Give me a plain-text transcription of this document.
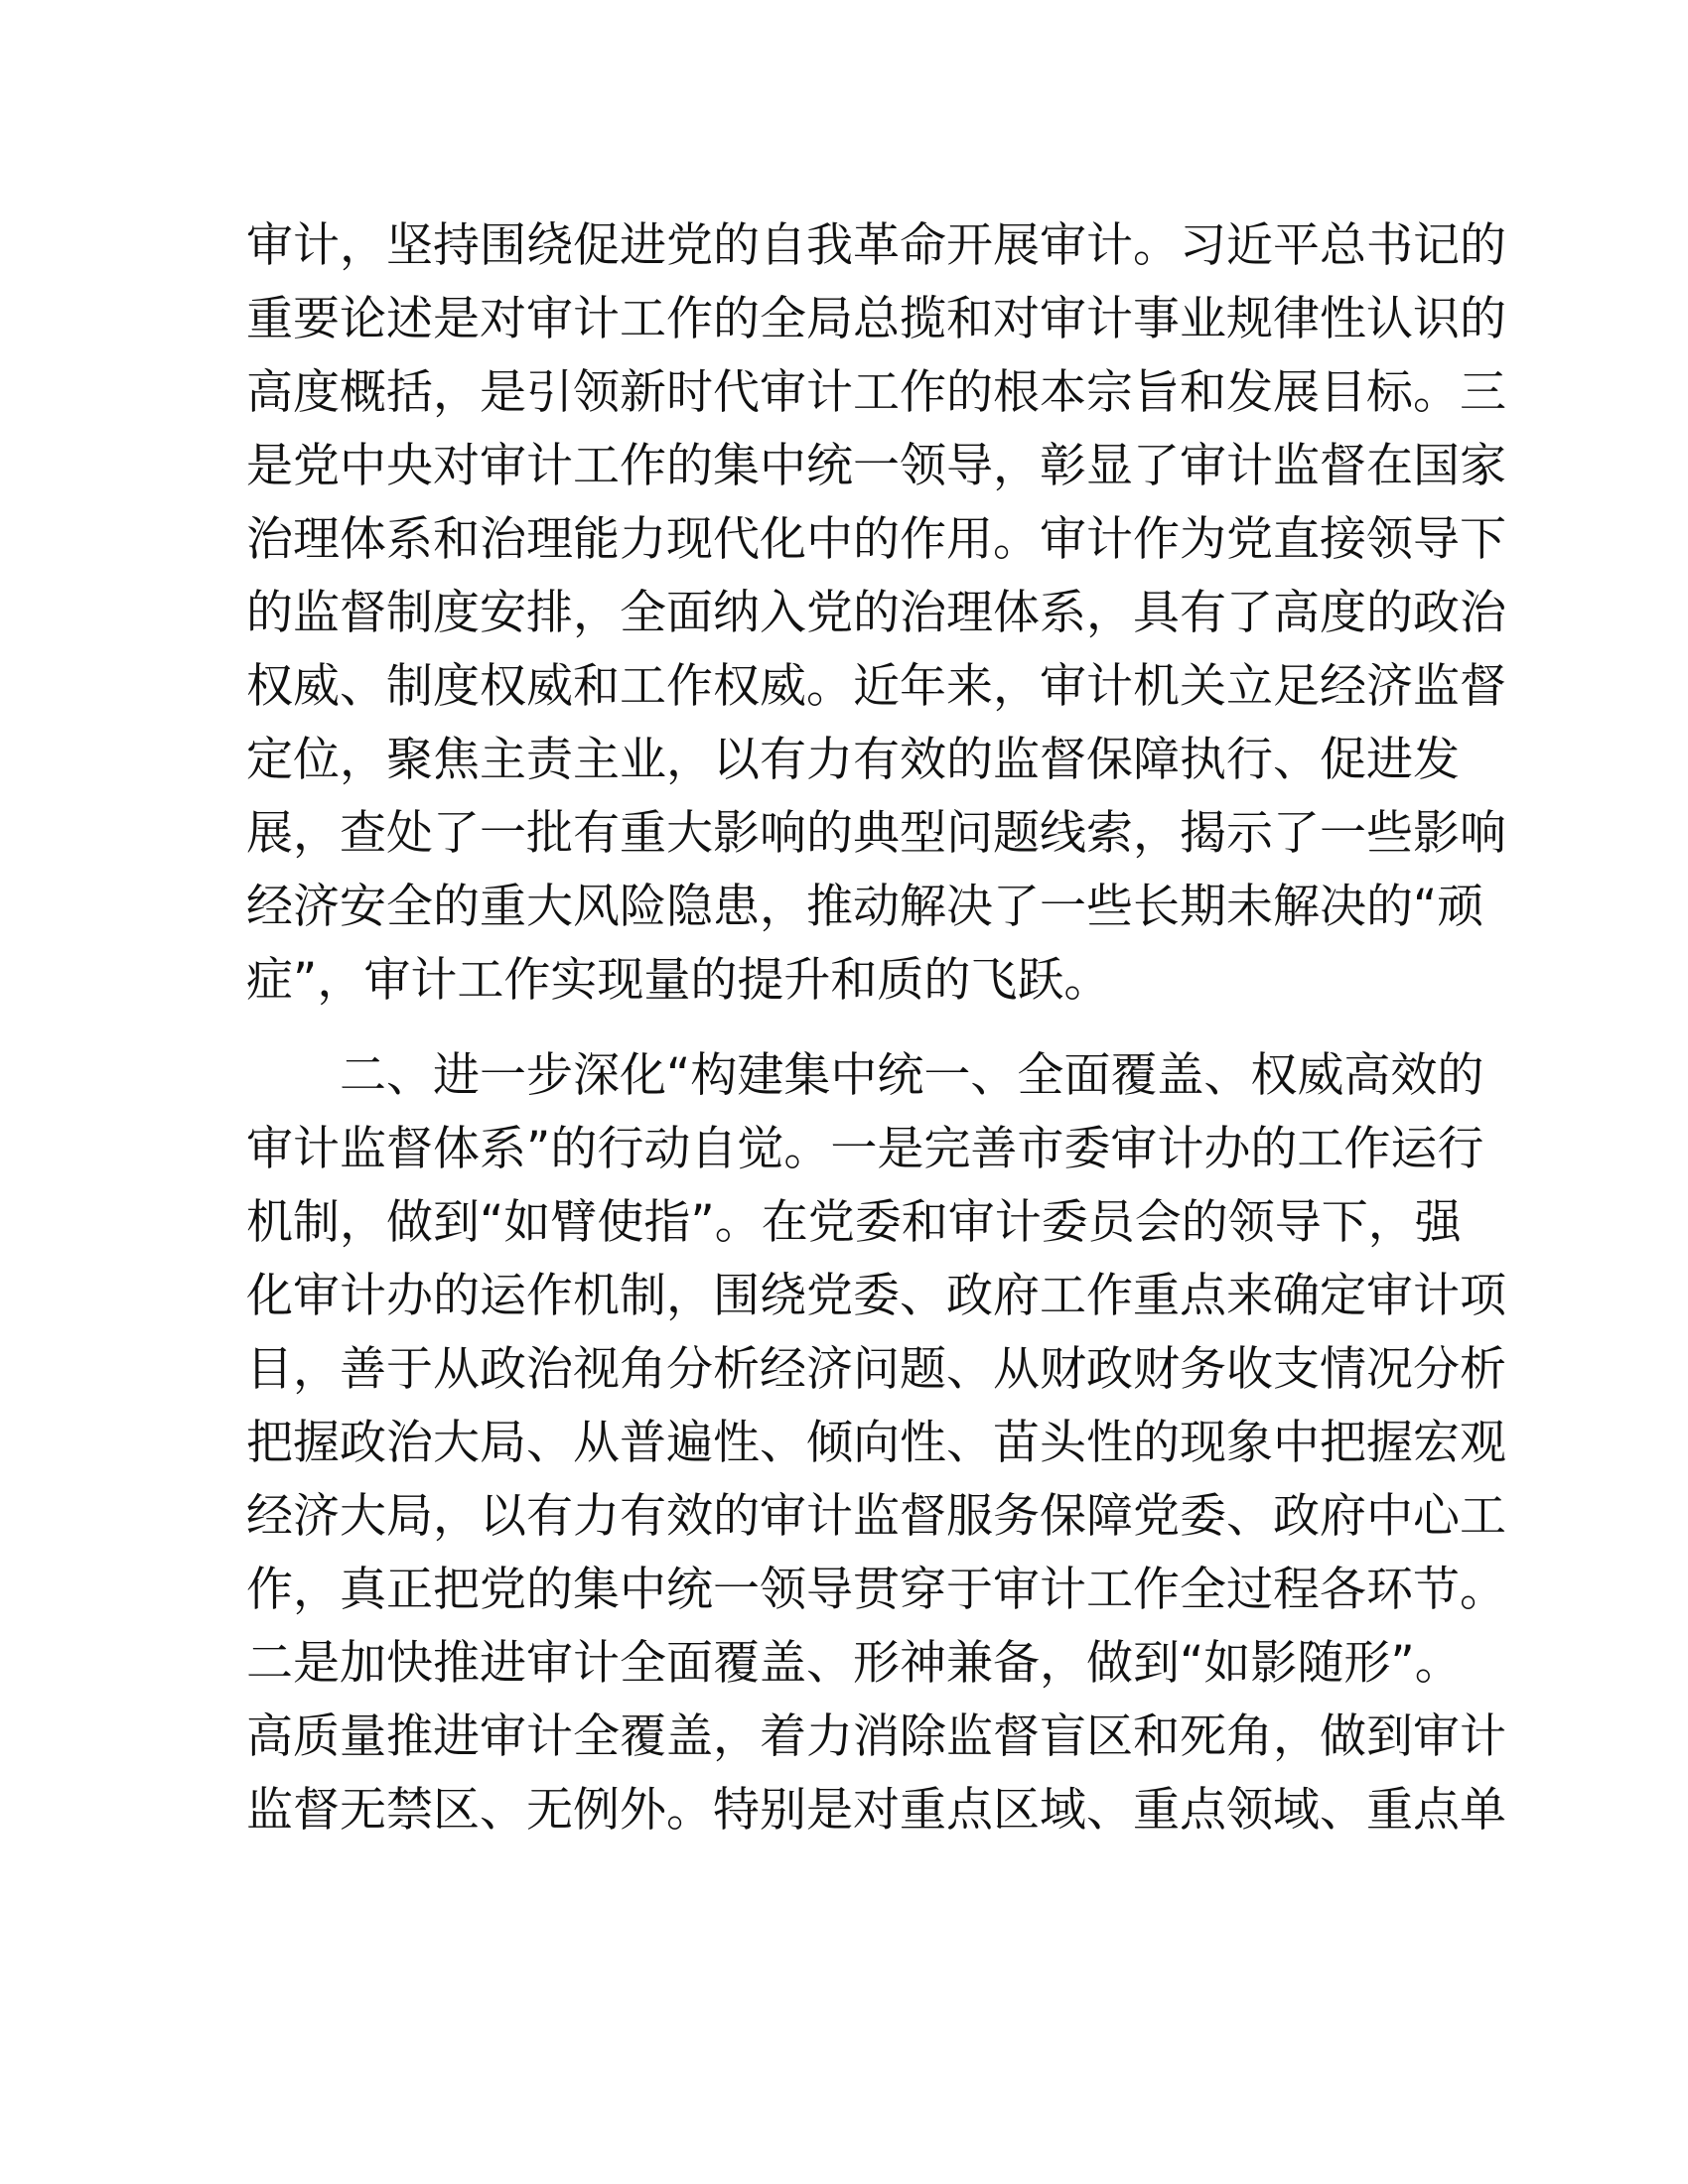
审计，坚持围绕促进党的自我革命开展审计。习近平总书记的
重要论述是对审计工作的全局总揽和对审计事业规律性认识的
高度概括，是引领新时代审计工作的根本宗旨和发展目标。三
是党中央对审计工作的集中统一领导，彰显了审计监督在国家
治理体系和治理能力现代化中的作用。审计作为党直接领导下
的监督制度安排，全面纳入党的治理体系，具有了高度的政治
权威、制度权威和工作权威。近年来，审计机关立足经济监督
定位，聚焦主责主业，以有力有效的监督保障执行、促进发
展，查处了一批有重大影响的典型问题线索，揭示了一些影响
经济安全的重大风险隐患，推动解决了一些长期未解决的“顽
症”，审计工作实现量的提升和质的飞跃。
二、进一步深化“构建集中统一、全面覆盖、权威高效的
审计监督体系”的行动自觉。一是完善市委审计办的工作运行
机制，做到“如臂使指”。在党委和审计委员会的领导下，强
化审计办的运作机制，围绕党委、政府工作重点来确定审计项
目，善于从政治视角分析经济问题、从财政财务收支情况分析
把握政治大局、从普遍性、倾向性、苗头性的现象中把握宏观
经济大局，以有力有效的审计监督服务保障党委、政府中心工
作，真正把党的集中统一领导贯穿于审计工作全过程各环节。
二是加快推进审计全面覆盖、形神兼备，做到“如影随形”。
高质量推进审计全覆盖，着力消除监督盲区和死角，做到审计
监督无禁区、无例外。特别是对重点区域、重点领域、重点单
